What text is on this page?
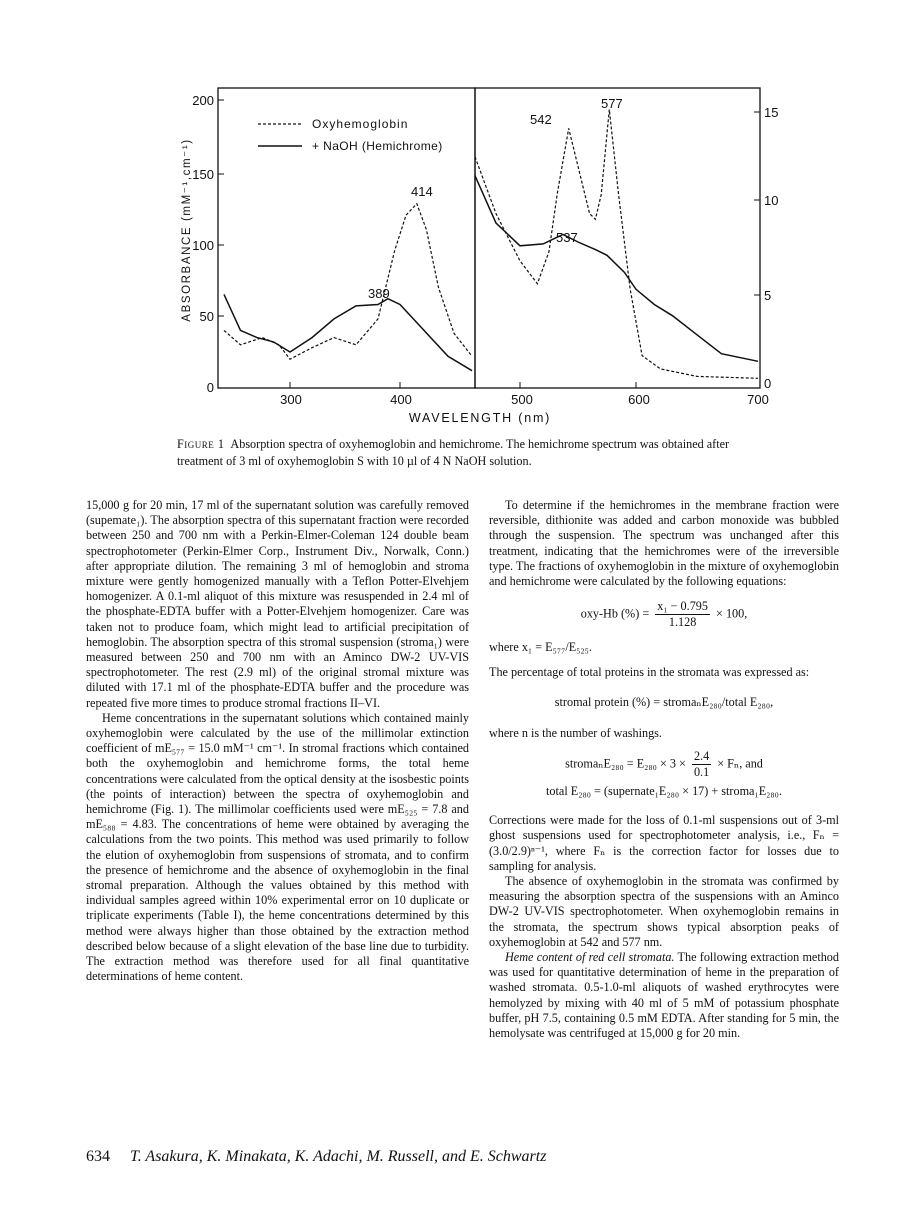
200
150
100
50
0
15
10
5
0
300	400	500	600	700
WAVELENGTH (nm)
ABSORBANCE (mM⁻¹,cm⁻¹)
Oxyhemoglobin
+ NaOH (Hemichrome)
414
389
542
577
537
Figure 1 Absorption spectra of oxyhemoglobin and hemichrome. The hemichrome spectrum was obtained after treatment of 3 ml of oxyhemoglobin S with 10 µl of 4 N NaOH solution.

15,000 g for 20 min, 17 ml of the supernatant solution was carefully removed (supemate₁). The absorption spectra of this supernatant fraction were recorded between 250 and 700 nm with a Perkin-Elmer-Coleman 124 double beam spectrophotometer (Perkin-Elmer Corp., Instrument Div., Norwalk, Conn.) after appropriate dilution. The remaining 3 ml of hemoglobin and stroma mixture were gently homogenized manually with a Teflon Potter-Elvehjem homogenizer. A 0.1-ml aliquot of this mixture was resuspended in 2.4 ml of the phosphate-EDTA buffer with a Potter-Elvehjem homogenizer. Care was taken not to produce foam, which might lead to artificial precipitation of hemoglobin. The absorption spectra of this stromal suspension (stroma₁) were measured between 250 and 700 nm with an Aminco DW-2 UV-VIS spectrophotometer. The rest (2.9 ml) of the original stromal mixture was diluted with 17.1 ml of the phosphate-EDTA buffer and the procedure was repeated five more times to produce stromal fractions II–VI.

Heme concentrations in the supernatant solutions which contained mainly oxyhemoglobin were calculated by the use of the millimolar extinction coefficient of mE₅₇₇ = 15.0 mM⁻¹ cm⁻¹. In stromal fractions which contained both the oxyhemoglobin and hemichrome forms, the total heme concentrations were calculated from the optical density at the isosbestic points (the points of interaction) between the spectra of oxyhemoglobin and hemichrome (Fig. 1). The millimolar coefficients used were mE₅₂₅ = 7.8 and mE₅₈₈ = 4.83. The concentrations of heme were obtained by averaging the calculations from the two points. This method was used primarily to follow the elution of oxyhemoglobin from suspensions of stromata, and to confirm the presence of hemichrome and the absence of oxyhemoglobin in the final stromal preparation. Although the values obtained by this method with individual samples agreed within 10% experimental error on 10 duplicate or triplicate experiments (Table I), the heme concentrations determined by this method were always higher than those obtained by the extraction method described below because of a slight elevation of the base line due to turbidity. The extraction method was therefore used for all final quantitative determinations of heme content.

To determine if the hemichromes in the membrane fraction were reversible, dithionite was added and carbon monoxide was bubbled through the suspension. The spectrum was unchanged after this treatment, indicating that the hemichromes were of the irreversible type. The fractions of oxyhemoglobin in the mixture of oxyhemoglobin and hemichrome were calculated by the following equations:

oxy-Hb (%) = $\frac{\text{x₁ − 0.795}}{1.128} \times 100$,

where x₁ = E₅₇₇/E₅₂₅.

The percentage of total proteins in the stromata was expressed as:

stromal protein (%) = stromaₙE₂₈₀/total E₂₈₀,

where n is the number of washings.

stromaₙE₂₈₀ = $E_{280} \times 3 \times \frac{2.4}{0.1} \times F_n$, and
total E₂₈₀ = (supernate₁E₂₈₀ × 17) + stroma₁E₂₈₀.

Corrections were made for the loss of 0.1-ml suspensions out of 3-ml ghost suspensions used for spectrophotometer analysis, i.e., Fₙ = (3.0/2.9)ⁿ⁻¹, where Fₙ is the correction factor for losses due to sampling for analysis.

The absence of oxyhemoglobin in the stromata was confirmed by measuring the absorption spectra of the suspensions with an Aminco DW-2 UV-VIS spectrophotometer. When oxyhemoglobin remains in the stromata, the spectrum shows typical absorption peaks of oxyhemoglobin at 542 and 577 nm.

Heme content of red cell stromata. The following extraction method was used for quantitative determination of heme in the preparation of washed stromata. 0.5-1.0-ml aliquots of washed erythrocytes were hemolyzed by mixing with 40 ml of 5 mM of potassium phosphate buffer, pH 7.5, containing 0.5 mM EDTA. After standing for 5 min, the hemolysate was centrifuged at 15,000 g for 20 min.

634 T. Asakura, K. Minakata, K. Adachi, M. Russell, and E. Schwartz
